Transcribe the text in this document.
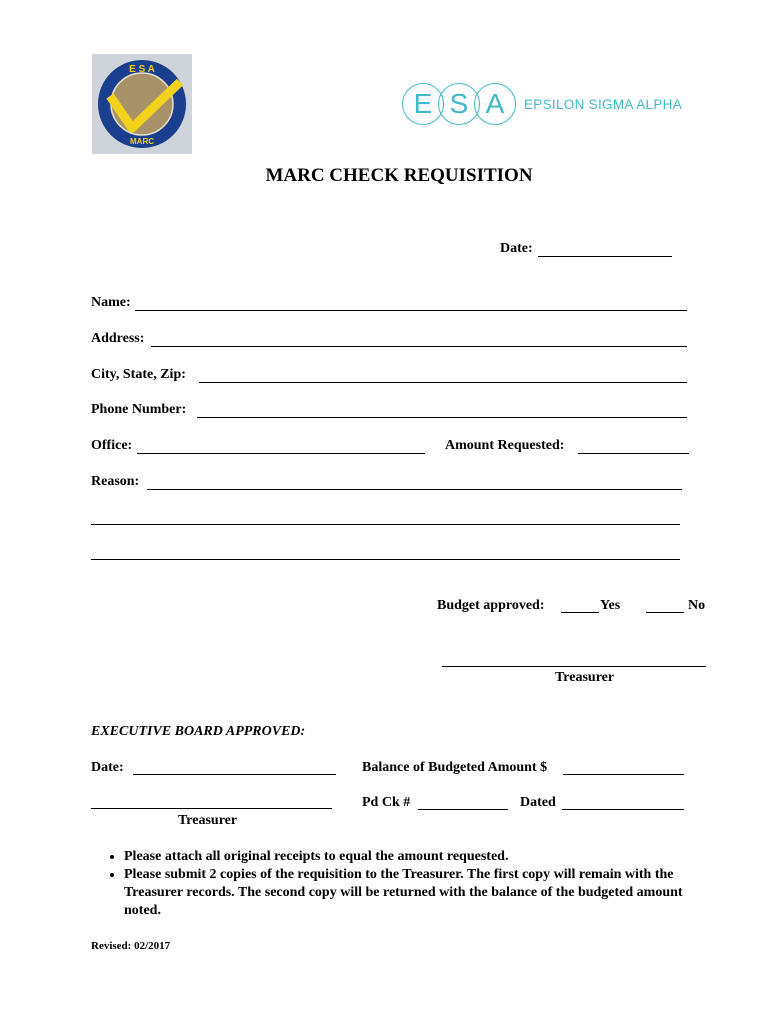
E S A
MARC
E S A	EPSILON SIGMA ALPHA
MARC CHECK REQUISITION
Date:
Name:
Address:
City, State, Zip:
Phone Number:
Office:	Amount Requested:
Reason:
Budget approved:	Yes	No
Treasurer
EXECUTIVE BOARD APPROVED:
Date:	Balance of Budgeted Amount $
Treasurer
Pd Ck #	Dated
• Please attach all original receipts to equal the amount requested.
• Please submit 2 copies of the requisition to the Treasurer. The first copy will remain with the Treasurer records. The second copy will be returned with the balance of the budgeted amount noted.
Revised: 02/2017
